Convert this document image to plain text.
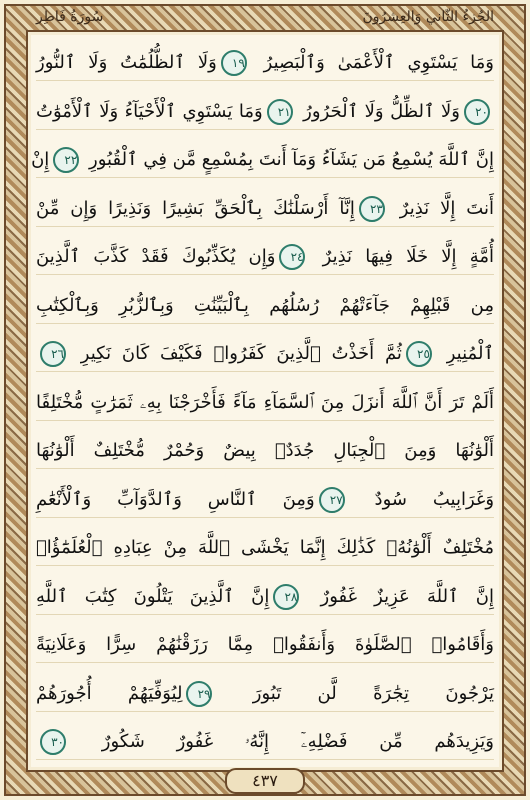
سُورَةُ فَاطِر	الجُزءُ الثّاني وَالعِشرُونَ
وَمَا يَسْتَوِي ٱلْأَعْمَىٰ وَٱلْبَصِيرُ ١٩وَلَا ٱلظُّلُمَٰتُ وَلَا ٱلنُّورُ
٢٠وَلَا ٱلظِّلُّ وَلَا ٱلْحَرُورُ ٢١وَمَا يَسْتَوِي ٱلْأَحْيَآءُ وَلَا ٱلْأَمْوَٰتُ
إِنَّ ٱللَّهَ يُسْمِعُ مَن يَشَآءُ وَمَآ أَنتَ بِمُسْمِعٍ مَّن فِي ٱلْقُبُورِ ٢٢إِنْ
أَنتَ إِلَّا نَذِيرٌ ٢٣إِنَّآ أَرْسَلْنَٰكَ بِٱلْحَقِّ بَشِيرًا وَنَذِيرًا وَإِن مِّنْ
أُمَّةٍ إِلَّا خَلَا فِيهَا نَذِيرٌ ٢٤وَإِن يُكَذِّبُوكَ فَقَدْ كَذَّبَ ٱلَّذِينَ
مِن قَبْلِهِمْ جَآءَتْهُمْ رُسُلُهُم بِٱلْبَيِّنَٰتِ وَبِٱلزُّبُرِ وَبِٱلْكِتَٰبِ
ٱلْمُنِيرِ ٢٥ثُمَّ أَخَذْتُ ٱلَّذِينَ كَفَرُوا۟ فَكَيْفَ كَانَ نَكِيرِ ٢٦
أَلَمْ تَرَ أَنَّ ٱللَّهَ أَنزَلَ مِنَ ٱلسَّمَآءِ مَآءً فَأَخْرَجْنَا بِهِۦ ثَمَرَٰتٍ مُّخْتَلِفًا
أَلْوَٰنُهَا وَمِنَ ٱلْجِبَالِ جُدَدٌۢ بِيضٌ وَحُمْرٌ مُّخْتَلِفٌ أَلْوَٰنُهَا
وَغَرَابِيبُ سُودٌ ٢٧وَمِنَ ٱلنَّاسِ وَٱلدَّوَآبِّ وَٱلْأَنْعَٰمِ
مُخْتَلِفٌ أَلْوَٰنُهُۥ كَذَٰلِكَ إِنَّمَا يَخْشَى ٱللَّهَ مِنْ عِبَادِهِ ٱلْعُلَمَٰٓؤُا۟
إِنَّ ٱللَّهَ عَزِيزٌ غَفُورٌ ٢٨إِنَّ ٱلَّذِينَ يَتْلُونَ كِتَٰبَ ٱللَّهِ
وَأَقَامُوا۟ ٱلصَّلَوٰةَ وَأَنفَقُوا۟ مِمَّا رَزَقْنَٰهُمْ سِرًّا وَعَلَانِيَةً
يَرْجُونَ تِجَٰرَةً لَّن تَبُورَ ٢٩لِيُوَفِّيَهُمْ أُجُورَهُمْ
وَيَزِيدَهُم مِّن فَضْلِهِۦٓ إِنَّهُۥ غَفُورٌ شَكُورٌ ٣٠
٤٣٧
